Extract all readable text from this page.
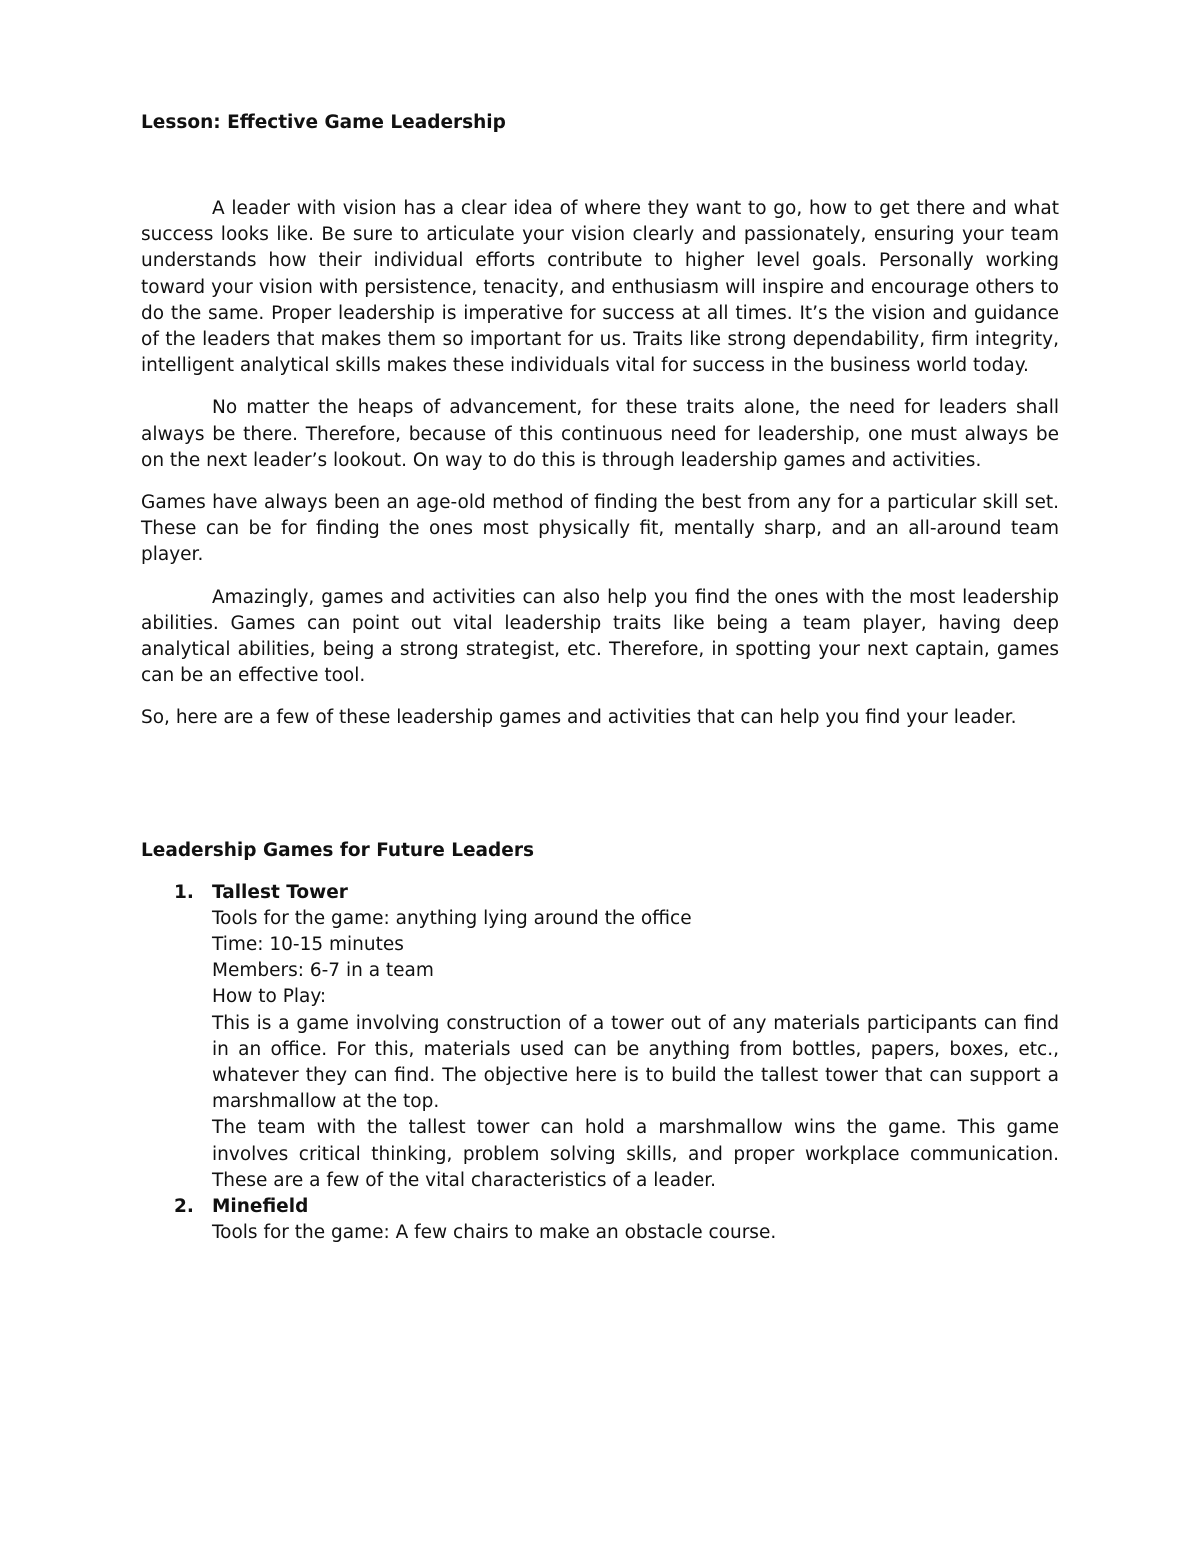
Lesson: Effective Game Leadership

A leader with vision has a clear idea of where they want to go, how to get there and what success looks like. Be sure to articulate your vision clearly and passionately, ensuring your team understands how their individual efforts contribute to higher level goals. Personally working toward your vision with persistence, tenacity, and enthusiasm will inspire and encourage others to do the same. Proper leadership is imperative for success at all times. It’s the vision and guidance of the leaders that makes them so important for us. Traits like strong dependability, firm integrity, intelligent analytical skills makes these individuals vital for success in the business world today.

No matter the heaps of advancement, for these traits alone, the need for leaders shall always be there. Therefore, because of this continuous need for leadership, one must always be on the next leader’s lookout. On way to do this is through leadership games and activities.

Games have always been an age-old method of finding the best from any for a particular skill set. These can be for finding the ones most physically fit, mentally sharp, and an all-around team player.

Amazingly, games and activities can also help you find the ones with the most leadership abilities. Games can point out vital leadership traits like being a team player, having deep analytical abilities, being a strong strategist, etc. Therefore, in spotting your next captain, games can be an effective tool.

So, here are a few of these leadership games and activities that can help you find your leader.

Leadership Games for Future Leaders
1. Tallest Tower
Tools for the game: anything lying around the office
Time: 10-15 minutes
Members: 6-7 in a team
How to Play:
This is a game involving construction of a tower out of any materials participants can find in an office. For this, materials used can be anything from bottles, papers, boxes, etc., whatever they can find. The objective here is to build the tallest tower that can support a marshmallow at the top.
The team with the tallest tower can hold a marshmallow wins the game. This game involves critical thinking, problem solving skills, and proper workplace communication. These are a few of the vital characteristics of a leader.
2. Minefield
Tools for the game: A few chairs to make an obstacle course.
